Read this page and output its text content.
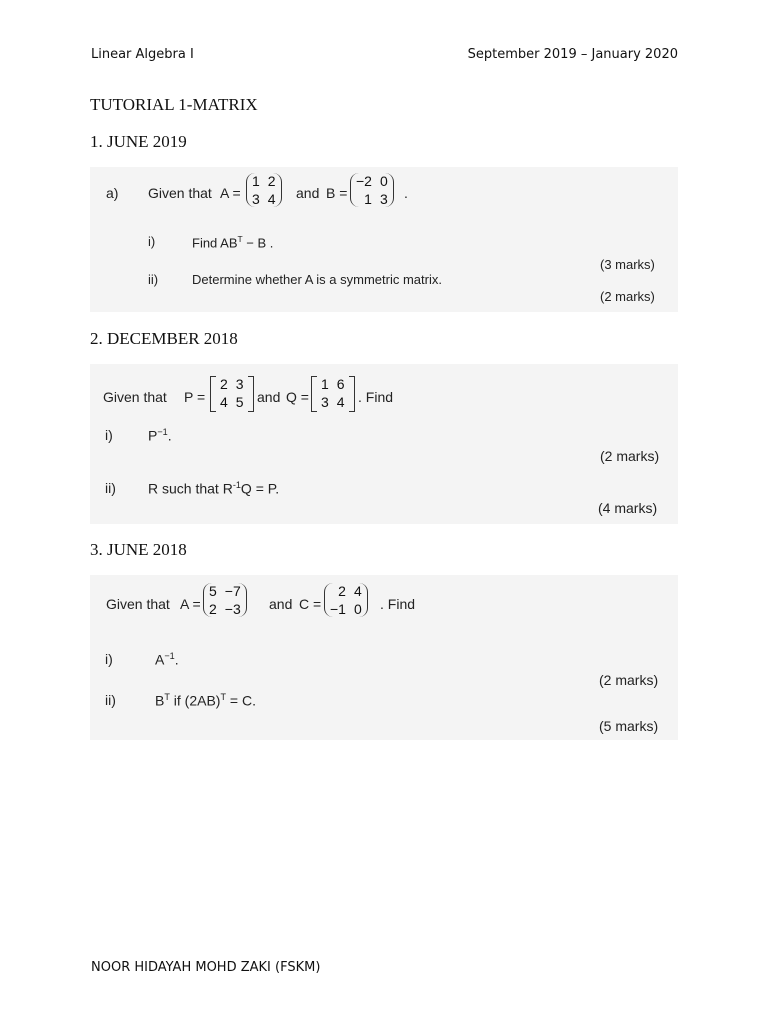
Linear Algebra I	September 2019 – January 2020
TUTORIAL 1-MATRIX
1. JUNE 2019
a) Given that A =
1 2
3 4 and B =
−2 0
1 3 .
i)	Find $AB^T - B$ .
(3 marks)
ii)	Determine whether A is a symmetric matrix.
(2 marks)
2. DECEMBER 2018
Given that P =
2 3
4 5 and Q =
1 6
3 4 . Find
i)	$P^{-1}$.
(2 marks)
ii) R such that $R^{-1}Q = P$.
(4 marks)
3. JUNE 2018
Given that A =
5 −7
2 −3 and C =
2 4
−1 0 . Find
i)	$A^{-1}$.
(2 marks)
ii)	$B^T$ if $(2AB)^T = C$.
(5 marks)
NOOR HIDAYAH MOHD ZAKI (FSKM)
